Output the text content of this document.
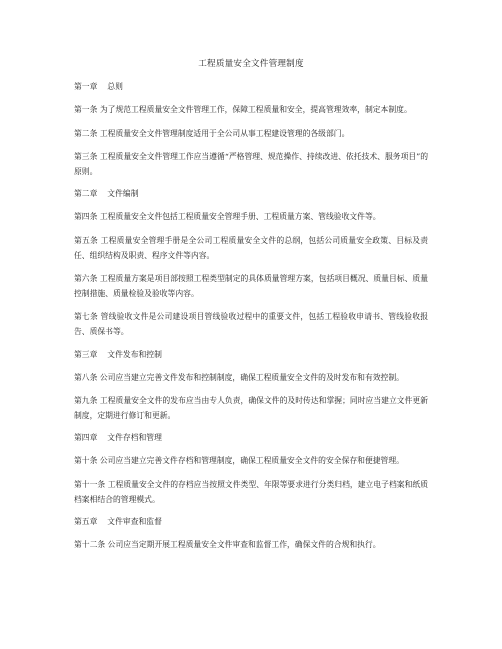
工程质量安全文件管理制度
第一章    总则

第一条 为了规范工程质量安全文件管理工作，保障工程质量和安全，提高管理效率，制定本制度。

第二条 工程质量安全文件管理制度适用于全公司从事工程建设管理的各级部门。

第三条 工程质量安全文件管理工作应当遵循“严格管理、规范操作、持续改进、依托技术、服务项目”的原则。

第二章    文件编制

第四条 工程质量安全文件包括工程质量安全管理手册、工程质量方案、管线验收文件等。

第五条 工程质量安全管理手册是全公司工程质量安全文件的总纲，包括公司质量安全政策、目标及责任、组织结构及职责、程序文件等内容。

第六条 工程质量方案是项目部按照工程类型制定的具体质量管理方案，包括项目概况、质量目标、质量控制措施、质量检验及验收等内容。

第七条 管线验收文件是公司建设项目管线验收过程中的重要文件，包括工程验收申请书、管线验收报告、质保书等。

第三章    文件发布和控制

第八条 公司应当建立完善文件发布和控制制度，确保工程质量安全文件的及时发布和有效控制。

第九条 工程质量安全文件的发布应当由专人负责，确保文件的及时传达和掌握；同时应当建立文件更新制度，定期进行修订和更新。

第四章    文件存档和管理

第十条 公司应当建立完善文件存档和管理制度，确保工程质量安全文件的安全保存和便捷管理。

第十一条 工程质量安全文件的存档应当按照文件类型、年限等要求进行分类归档，建立电子档案和纸质档案相结合的管理模式。

第五章    文件审查和监督

第十二条 公司应当定期开展工程质量安全文件审查和监督工作，确保文件的合规和执行。
